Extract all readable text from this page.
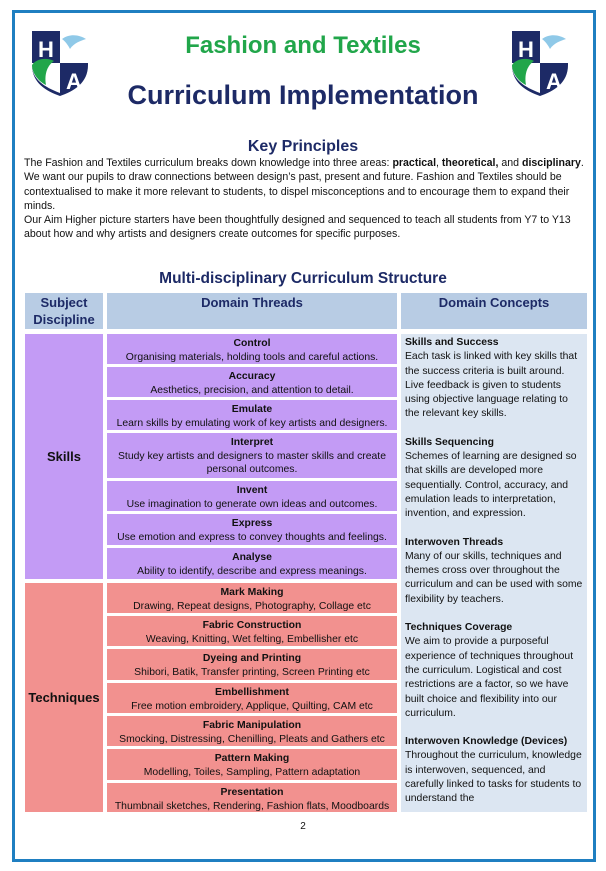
H
A
H
A
Fashion and Textiles
Curriculum Implementation
Key Principles

The Fashion and Textiles curriculum breaks down knowledge into three areas: practical, theoretical, and disciplinary. We want our pupils to draw connections between design’s past, present and future. Fashion and Textiles should be contextualised to make it more relevant to students, to dispel misconceptions and to encourage them to expand their minds.

Our Aim Higher picture starters have been thoughtfully designed and sequenced to teach all students from Y7 to Y13 about how and why artists and designers create outcomes for specific purposes.

Multi-disciplinary Curriculum Structure
Subject Discipline
Domain Threads	Domain Concepts
Skills
Techniques
Control
Organising materials, holding tools and careful actions.
Accuracy
Aesthetics, precision, and attention to detail.
Emulate
Learn skills by emulating work of key artists and designers.
Interpret
Study key artists and designers to master skills and create personal outcomes.
Invent
Use imagination to generate own ideas and outcomes.
Express
Use emotion and express to convey thoughts and feelings.
Analyse
Ability to identify, describe and express meanings.
Mark Making
Drawing, Repeat designs, Photography, Collage etc
Fabric Construction
Weaving, Knitting, Wet felting, Embellisher etc
Dyeing and Printing
Shibori, Batik, Transfer printing, Screen Printing etc
Embellishment
Free motion embroidery, Applique, Quilting, CAM etc
Fabric Manipulation
Smocking, Distressing, Chenilling, Pleats and Gathers etc
Pattern Making
Modelling, Toiles, Sampling, Pattern adaptation
Presentation
Thumbnail sketches, Rendering, Fashion flats, Moodboards
Skills and Success
Each task is linked with key skills that the success criteria is built around. Live feedback is given to students using objective language relating to the relevant key skills.
Skills Sequencing
Schemes of learning are designed so that skills are developed more sequentially. Control, accuracy, and emulation leads to interpretation, invention, and expression.
Interwoven Threads
Many of our skills, techniques and themes cross over throughout the curriculum and can be used with some flexibility by teachers.
Techniques Coverage
We aim to provide a purposeful experience of techniques throughout the curriculum. Logistical and cost restrictions are a factor, so we have built choice and flexibility into our curriculum.
Interwoven Knowledge (Devices)
Throughout the curriculum, knowledge is interwoven, sequenced, and carefully linked to tasks for students to understand the
2
